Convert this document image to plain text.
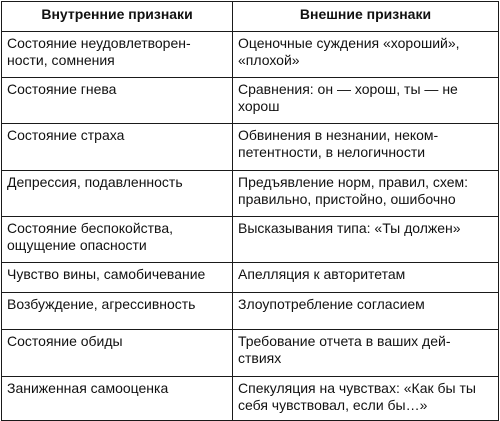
Внутренние признаки	Внешние признаки
Состояние неудовлетворен-ности, сомнения	Оценочные суждения «хороший», «плохой»
Состояние гнева	Сравнения: он — хорош, ты — не хорош
Состояние страха	Обвинения в незнании, неком-петентности, в нелогичности
Депрессия, подавленность	Предъявление норм, правил, схем: правильно, пристойно, ошибочно
Состояние беспокойства, ощущение опасности	Высказывания типа: «Ты должен»
Чувство вины, самобичевание	Апелляция к авторитетам
Возбуждение, агрессивность	Злоупотребление согласием
Состояние обиды	Требование отчета в ваших дей-ствиях
Заниженная самооценка	Спекуляция на чувствах: «Как бы ты себя чувствовал, если бы…»
